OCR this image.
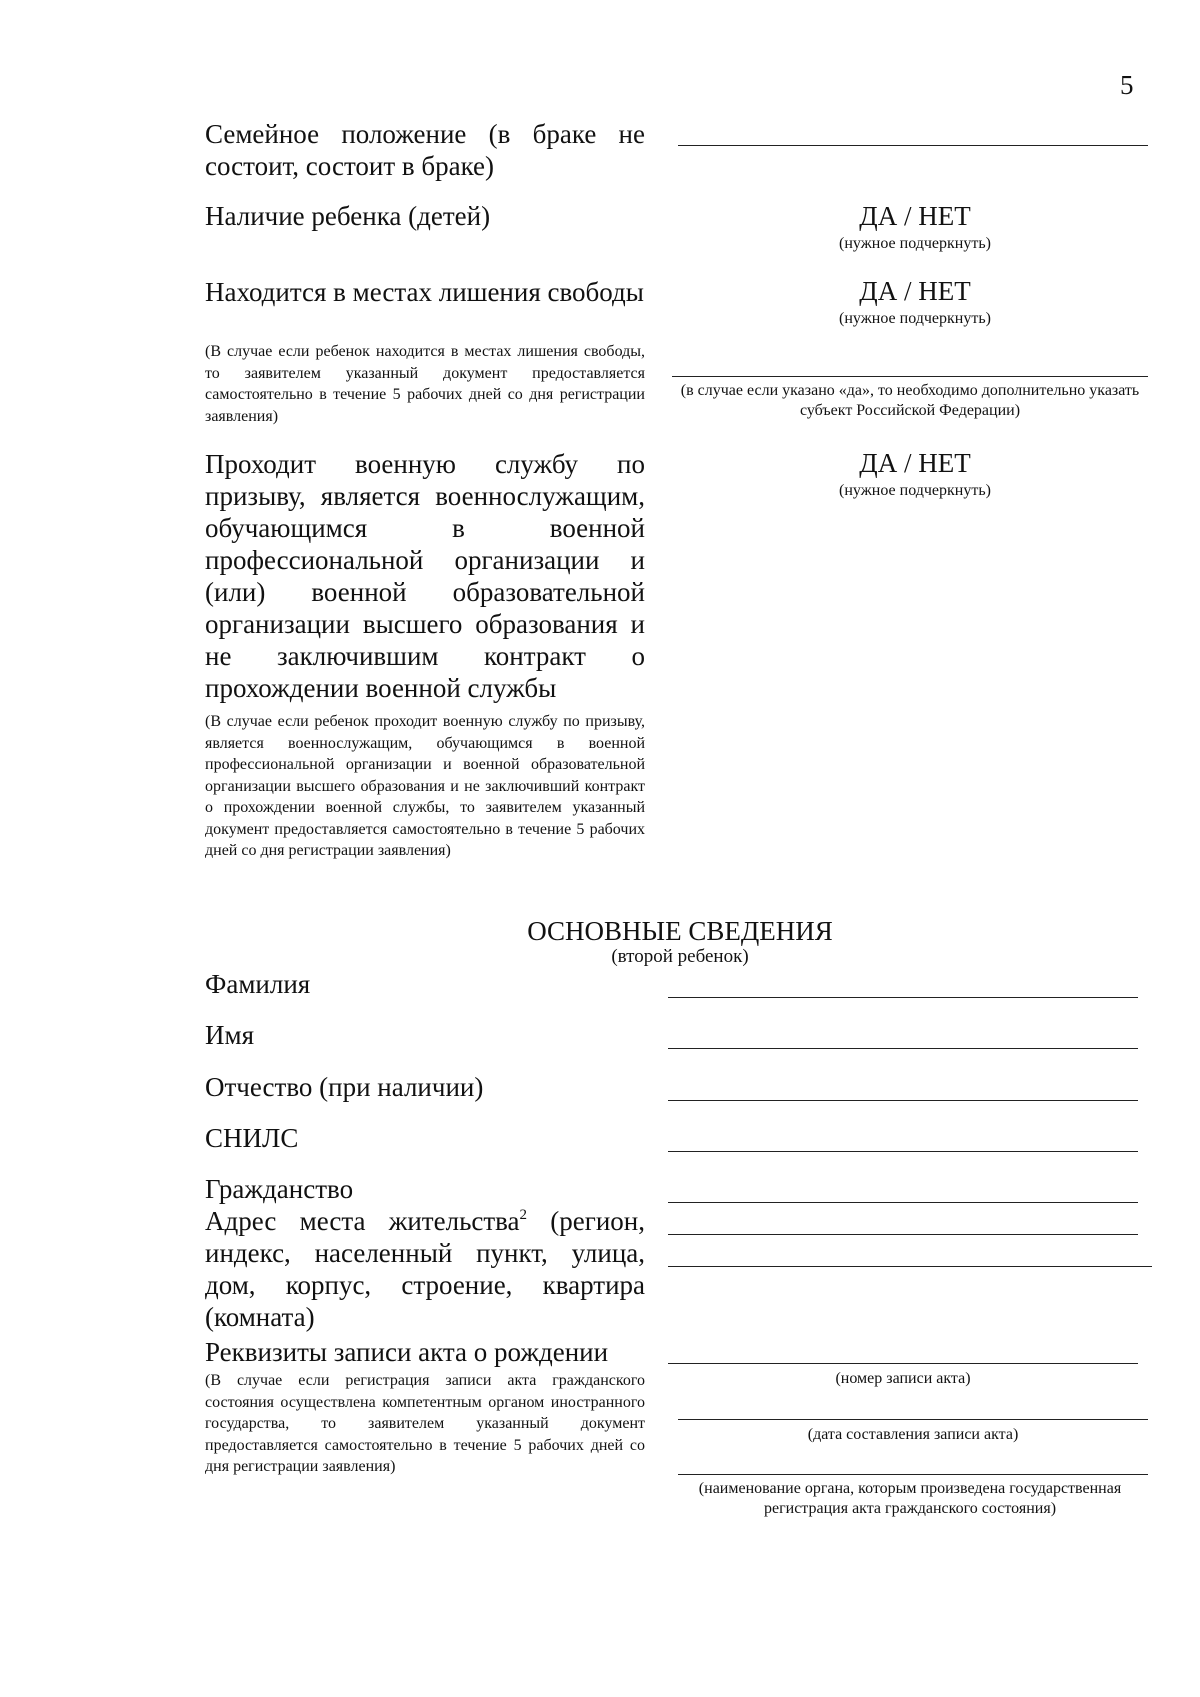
5
Семейное положение (в браке не состоит, состоит в браке)
Наличие ребенка (детей)	ДА / НЕТ
(нужное подчеркнуть)
Находится в местах лишения свободы
(В случае если ребенок находится в местах лишения свободы, то заявителем указанный документ предоставляется самостоятельно в течение 5 рабочих дней со дня регистрации заявления)
ДА / НЕТ
(нужное подчеркнуть)
(в случае если указано «да», то необходимо дополнительно указать субъект Российской Федерации)
Проходит военную службу по призыву, является военнослужащим, обучающимся в военной профессиональной организации и (или) военной образовательной организации высшего образования и не заключившим контракт о прохождении военной службы
(В случае если ребенок проходит военную службу по призыву, является военнослужащим, обучающимся в военной профессиональной организации и военной образовательной организации высшего образования и не заключивший контракт о прохождении военной службы, то заявителем указанный документ предоставляется самостоятельно в течение 5 рабочих дней со дня регистрации заявления)
ДА / НЕТ
(нужное подчеркнуть)
ОСНОВНЫЕ СВЕДЕНИЯ
(второй ребенок)
Фамилия
Имя
Отчество (при наличии)
СНИЛС
Гражданство
Адрес места жительства$^2$ (регион, индекс, населенный пункт, улица, дом, корпус, строение, квартира (комната)
Реквизиты записи акта о рождении
(В случае если регистрация записи акта гражданского состояния осуществлена компетентным органом иностранного государства, то заявителем указанный документ предоставляется самостоятельно в течение 5 рабочих дней со дня регистрации заявления)
(номер записи акта)
(дата составления записи акта)
(наименование органа, которым произведена государственная регистрация акта гражданского состояния)
